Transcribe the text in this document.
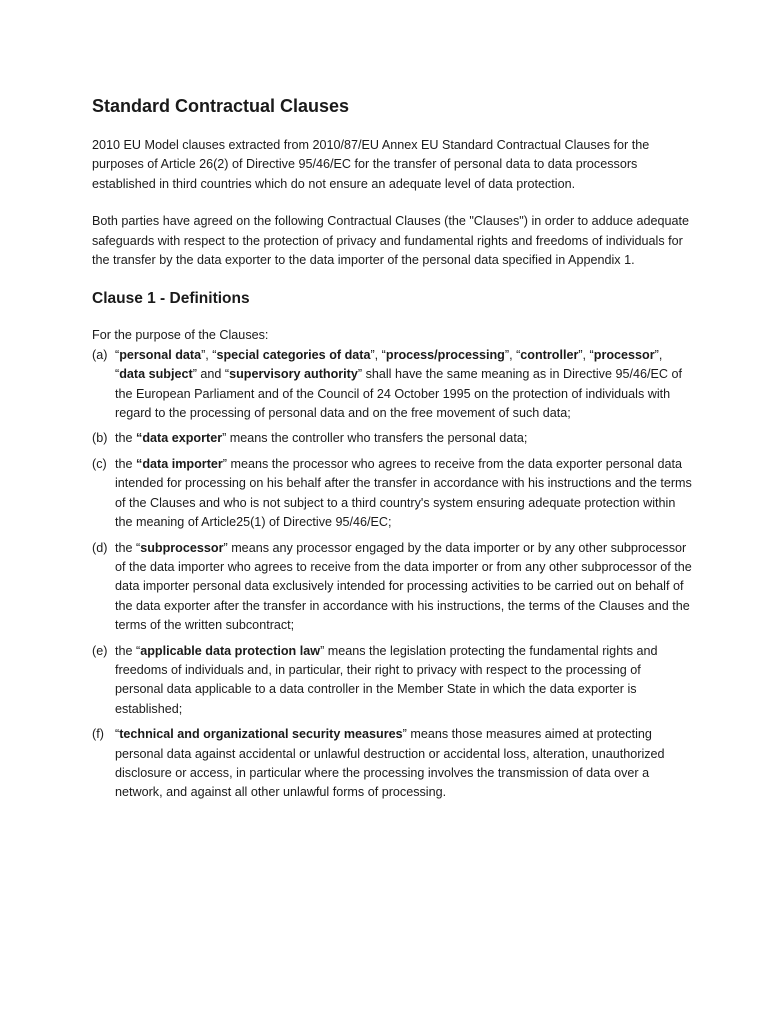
Standard Contractual Clauses

2010 EU Model clauses extracted from 2010/87/EU Annex EU Standard Contractual Clauses for the purposes of Article 26(2) of Directive 95/46/EC for the transfer of personal data to data processors established in third countries which do not ensure an adequate level of data protection.

Both parties have agreed on the following Contractual Clauses (the "Clauses") in order to adduce adequate safeguards with respect to the protection of privacy and fundamental rights and freedoms of individuals for the transfer by the data exporter to the data importer of the personal data specified in Appendix 1.

Clause 1 - Definitions

For the purpose of the Clauses:

(a) “personal data”, “special categories of data”, “process/processing”, “controller”, “processor”, “data subject” and “supervisory authority” shall have the same meaning as in Directive 95/46/EC of the European Parliament and of the Council of 24 October 1995 on the protection of individuals with regard to the processing of personal data and on the free movement of such data;
(b) the “data exporter” means the controller who transfers the personal data;
(c) the “data importer” means the processor who agrees to receive from the data exporter personal data intended for processing on his behalf after the transfer in accordance with his instructions and the terms of the Clauses and who is not subject to a third country's system ensuring adequate protection within the meaning of Article25(1) of Directive 95/46/EC;
(d) the “subprocessor” means any processor engaged by the data importer or by any other subprocessor of the data importer who agrees to receive from the data importer or from any other subprocessor of the data importer personal data exclusively intended for processing activities to be carried out on behalf of the data exporter after the transfer in accordance with his instructions, the terms of the Clauses and the terms of the written subcontract;
(e) the “applicable data protection law” means the legislation protecting the fundamental rights and freedoms of individuals and, in particular, their right to privacy with respect to the processing of personal data applicable to a data controller in the Member State in which the data exporter is established;
(f) “technical and organizational security measures” means those measures aimed at protecting personal data against accidental or unlawful destruction or accidental loss, alteration, unauthorized disclosure or access, in particular where the processing involves the transmission of data over a network, and against all other unlawful forms of processing.
